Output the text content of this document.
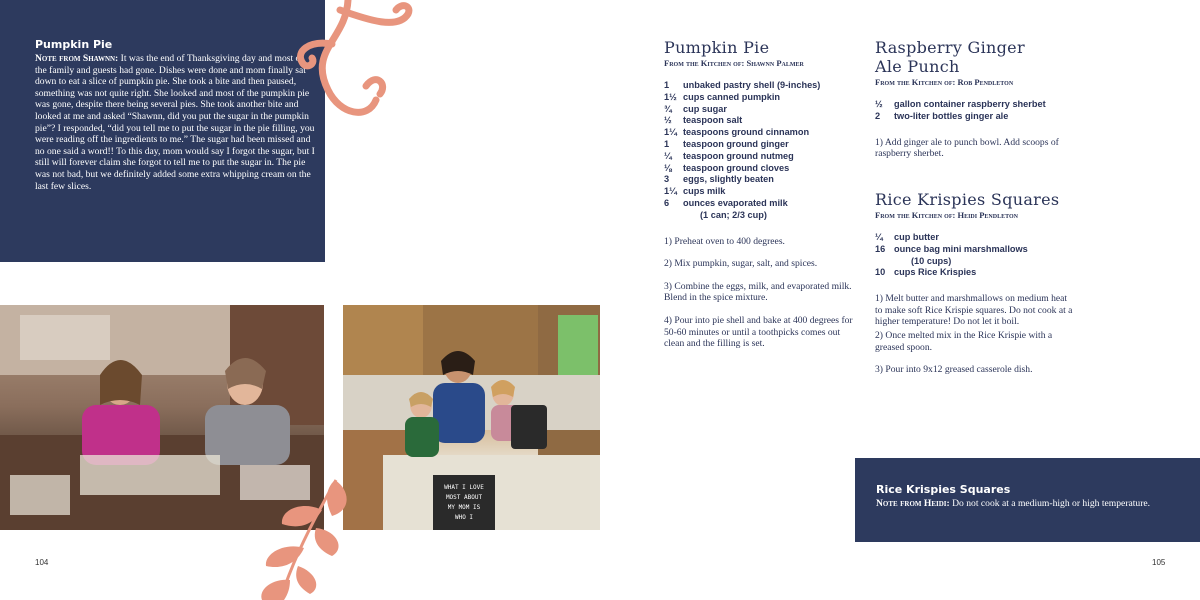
Pumpkin Pie

Note from Shawnn: It was the end of Thanksgiving day and most of the family and guests had gone. Dishes were done and mom finally sat down to eat a slice of pumpkin pie. She took a bite and then paused, something was not quite right. She looked and most of the pumpkin pie was gone, despite there being several pies. She took another bite and looked at me and asked “Shawnn, did you put the sugar in the pumpkin pie”? I responded, “did you tell me to put the sugar in the pie filling, you were reading off the ingredients to me.” The sugar had been missed and no one said a word!! To this day, mom would say I forgot the sugar, but I still will forever claim she forgot to tell me to put the sugar in. The pie was not bad, but we definitely added some extra whipping cream on the last few slices.

WHAT I LOVE
MOST ABOUT
MY MOM IS
WHO I
104
Pumpkin Pie
From the Kitchen of: Shawnn Palmer
1	unbaked pastry shell (9-inches)
1½ cups canned pumpkin
¾	cup sugar
½	teaspoon salt
1¼ teaspoons ground cinnamon
1	teaspoon ground ginger
¼	teaspoon ground nutmeg
⅛	teaspoon ground cloves
3	eggs, slightly beaten
1¼ cups milk
6	ounces evaporated milk
(1 can; 2/3 cup)

1) Preheat oven to 400 degrees.

2) Mix pumpkin, sugar, salt, and spices.

3) Combine the eggs, milk, and evaporated milk. Blend in the spice mixture.

4) Pour into pie shell and bake at 400 degrees for 50-60 minutes or until a toothpicks comes out clean and the filling is set.

Raspberry Ginger
Ale Punch
From the Kitchen of: Rob Pendleton
½	gallon container raspberry sherbet
2	two-liter bottles ginger ale

1) Add ginger ale to punch bowl. Add scoops of raspberry sherbet.

Rice Krispies Squares
From the Kitchen of: Heidi Pendleton
¼	cup butter
16 ounce bag mini marshmallows
(10 cups)
10 cups Rice Krispies

1) Melt butter and marshmallows on medium heat to make soft Rice Krispie squares. Do not cook at a higher temperature! Do not let it boil.

2) Once melted mix in the Rice Krispie with a greased spoon.

3) Pour into 9x12 greased casserole dish.

Rice Krispies Squares

Note from Heidi: Do not cook at a medium-high or high temperature.

105
